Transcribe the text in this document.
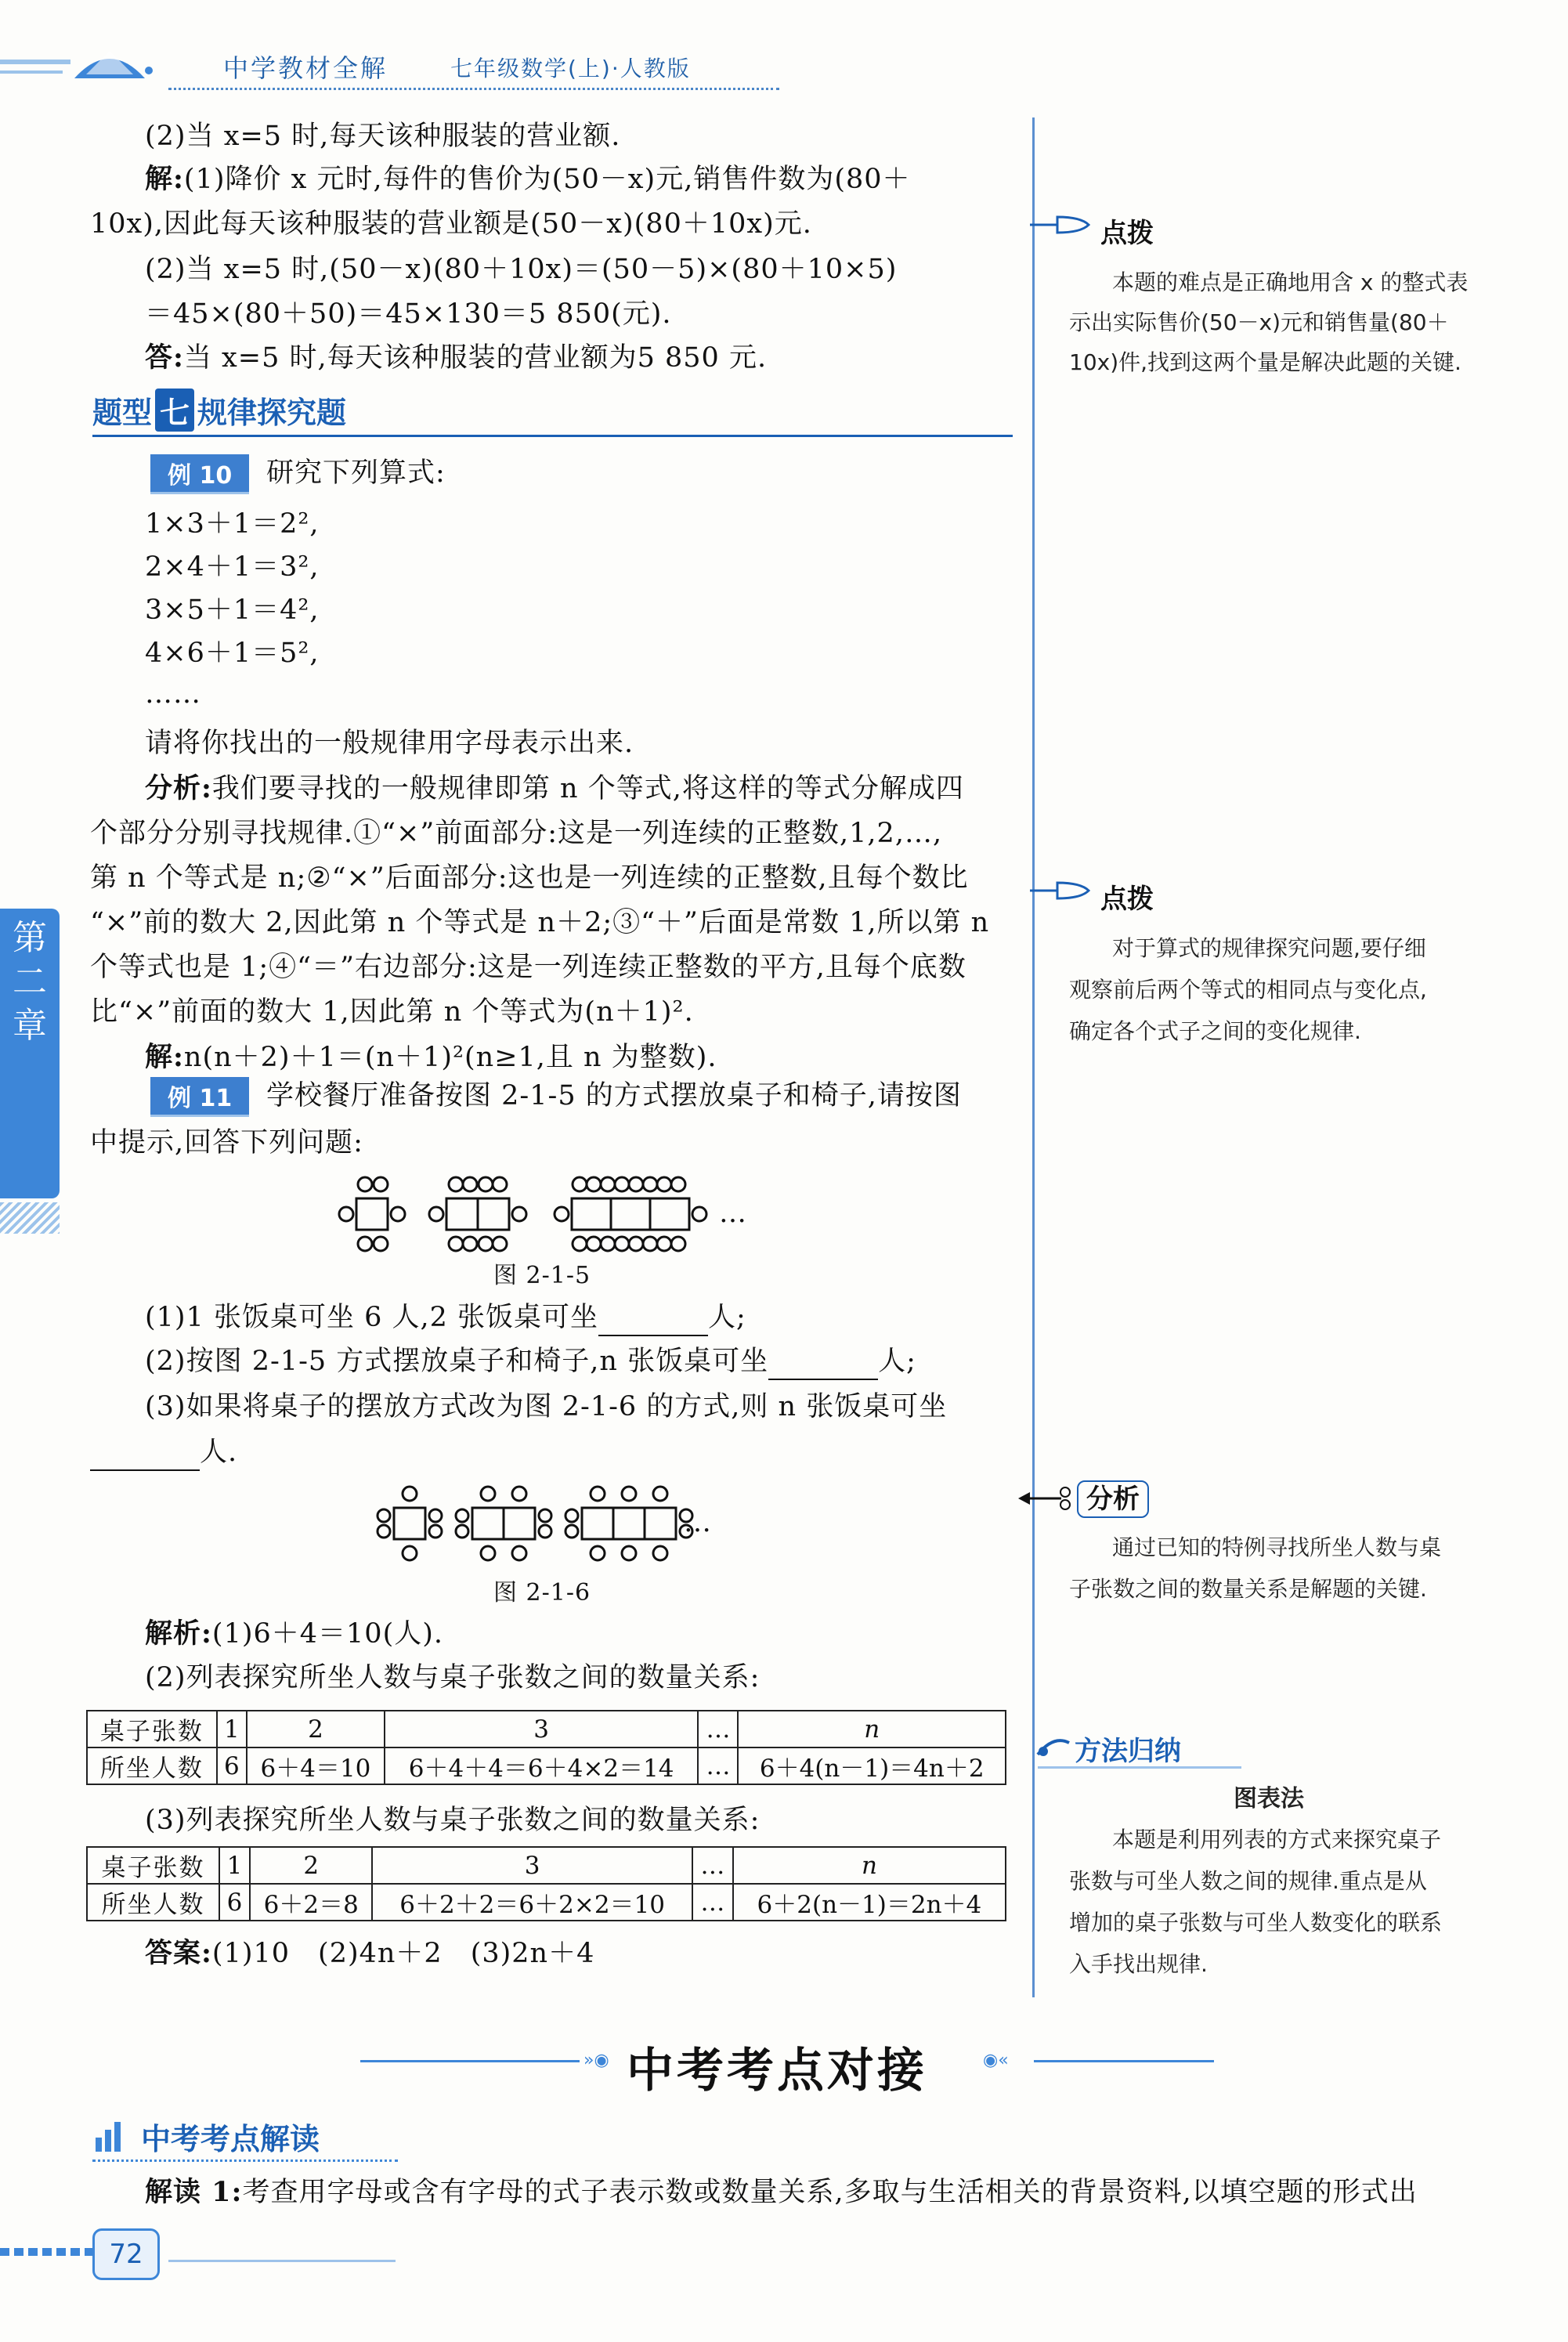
中学教材全解	七年级数学(上)·人教版
第二章
(2)当 x=5 时,每天该种服装的营业额.
解:(1)降价 x 元时,每件的售价为(50－x)元,销售件数为(80＋
10x),因此每天该种服装的营业额是(50－x)(80＋10x)元.
(2)当 x=5 时,(50－x)(80＋10x)＝(50－5)×(80＋10×5)
＝45×(80＋50)＝45×130＝5 850(元).
答:当 x=5 时,每天该种服装的营业额为5 850 元.
题型 七 规律探究题
例 10	研究下列算式:
1×3＋1＝2²,
2×4＋1＝3²,
3×5＋1＝4²,
4×6＋1＝5²,
……
请将你找出的一般规律用字母表示出来.
分析:我们要寻找的一般规律即第 n 个等式,将这样的等式分解成四
个部分分别寻找规律.①“×”前面部分:这是一列连续的正整数,1,2,…,
第 n 个等式是 n;②“×”后面部分:这也是一列连续的正整数,且每个数比
“×”前的数大 2,因此第 n 个等式是 n＋2;③“＋”后面是常数 1,所以第 n
个等式也是 1;④“＝”右边部分:这是一列连续正整数的平方,且每个底数
比“×”前面的数大 1,因此第 n 个等式为(n＋1)².
解:n(n＋2)＋1＝(n＋1)²(n≥1,且 n 为整数).
例 11	学校餐厅准备按图 2-1-5 的方式摆放桌子和椅子,请按图
中提示,回答下列问题:
…
图 2-1-5
(1)1 张饭桌可坐 6 人,2 张饭桌可坐	人;
(2)按图 2-1-5 方式摆放桌子和椅子,n 张饭桌可坐	人;
(3)如果将桌子的摆放方式改为图 2-1-6 的方式,则 n 张饭桌可坐
人.
…
图 2-1-6
解析:(1)6＋4＝10(人).
(2)列表探究所坐人数与桌子张数之间的数量关系:
桌子张数	1	2	3	…	n
所坐人数	6	6＋4＝10	6＋4＋4＝6＋4×2＝14	…	6＋4(n－1)＝4n＋2
(3)列表探究所坐人数与桌子张数之间的数量关系:
桌子张数	1	2	3	…	n
所坐人数	6	6＋2＝8	6＋2＋2＝6＋2×2＝10	…	6＋2(n－1)＝2n＋4
答案:(1)10　(2)4n＋2　(3)2n＋4
点拨
本题的难点是正确地用含 x 的整式表
示出实际售价(50－x)元和销售量(80＋
10x)件,找到这两个量是解决此题的关键.
点拨
对于算式的规律探究问题,要仔细
观察前后两个等式的相同点与变化点,
确定各个式子之间的变化规律.
分析
通过已知的特例寻找所坐人数与桌
子张数之间的数量关系是解题的关键.
方法归纳
图表法
本题是利用列表的方式来探究桌子
张数与可坐人数之间的规律.重点是从
增加的桌子张数与可坐人数变化的联系
入手找出规律.
»◉ 中考考点对接	◉«
中考考点解读
解读 1:考查用字母或含有字母的式子表示数或数量关系,多取与生活相关的背景资料,以填空题的形式出
72
